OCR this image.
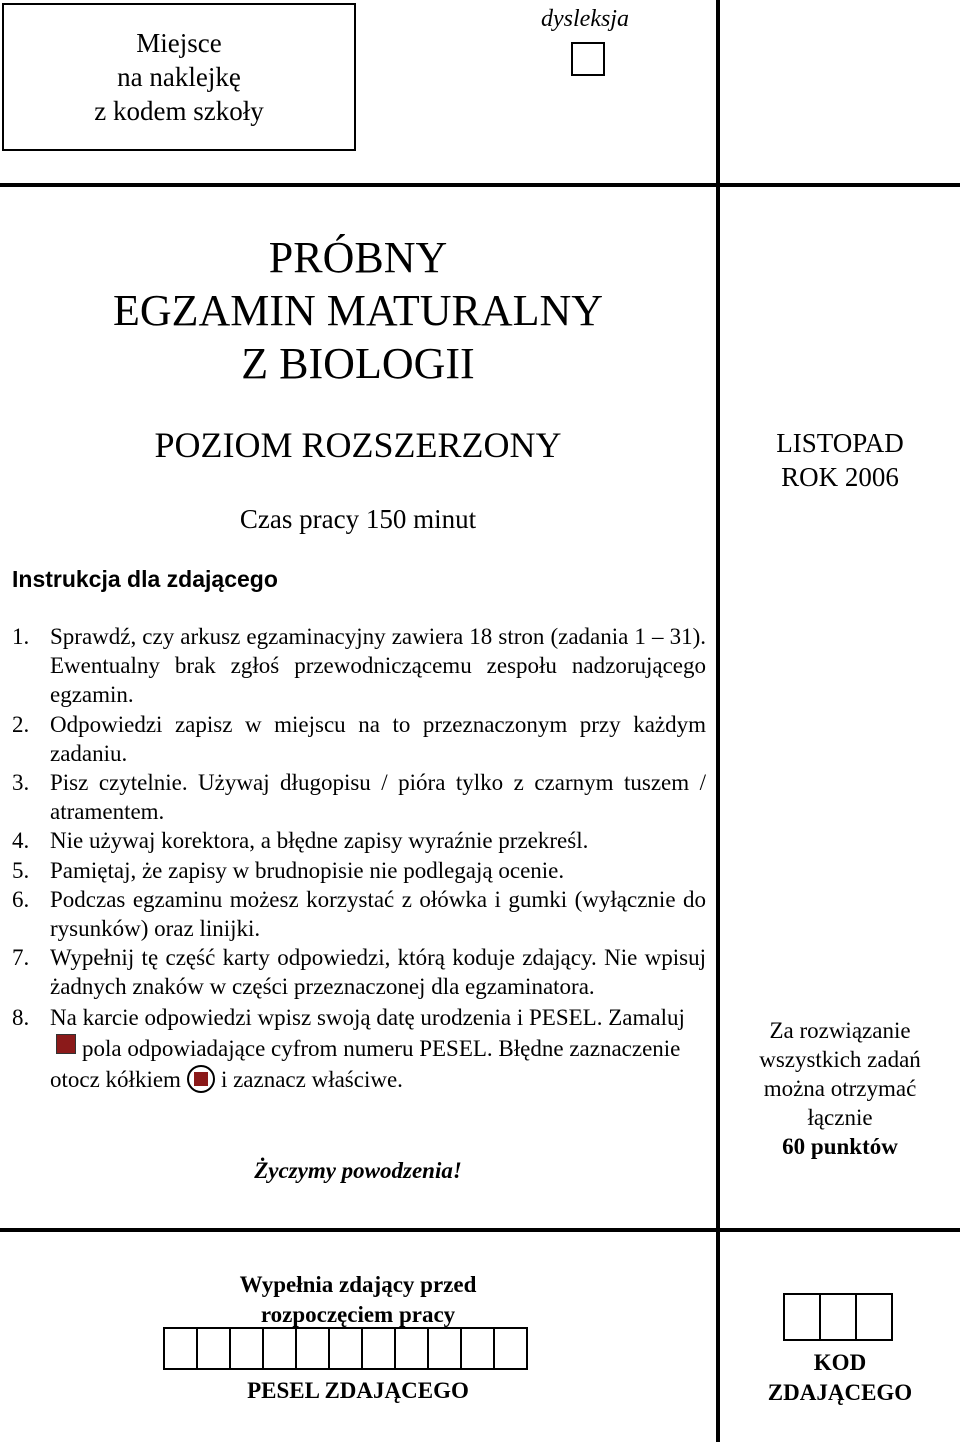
Miejsce
na naklejkę
z kodem szkoły
dysleksja
PRÓBNY
EGZAMIN MATURALNY
Z BIOLOGII
POZIOM ROZSZERZONY
Czas pracy 150 minut
LISTOPAD
ROK 2006
Instrukcja dla zdającego
1. Sprawdź, czy arkusz egzaminacyjny zawiera 18 stron (zadania 1 – 31). Ewentualny brak zgłoś przewodniczącemu zespołu nadzorującego egzamin.
2. Odpowiedzi zapisz w miejscu na to przeznaczonym przy każdym zadaniu.
3. Pisz czytelnie. Używaj długopisu / pióra tylko z czarnym tuszem / atramentem.
4. Nie używaj korektora, a błędne zapisy wyraźnie przekreśl.
5. Pamiętaj, że zapisy w brudnopisie nie podlegają ocenie.
6. Podczas egzaminu możesz korzystać z ołówka i gumki (wyłącznie do rysunków) oraz linijki.
7. Wypełnij tę część karty odpowiedzi, którą koduje zdający. Nie wpisuj żadnych znaków w części przeznaczonej dla egzaminatora.
8. Na karcie odpowiedzi wpisz swoją datę urodzenia i PESEL. Zamalujpola odpowiadające cyfrom numeru PESEL. Błędne zaznaczenie otocz kółkiem i zaznacz właściwe.
Życzymy powodzenia!
Za rozwiązanie
wszystkich zadań
można otrzymać
łącznie
60 punktów
Wypełnia zdający przed
rozpoczęciem pracy
PESEL ZDAJĄCEGO
KOD
ZDAJĄCEGO
